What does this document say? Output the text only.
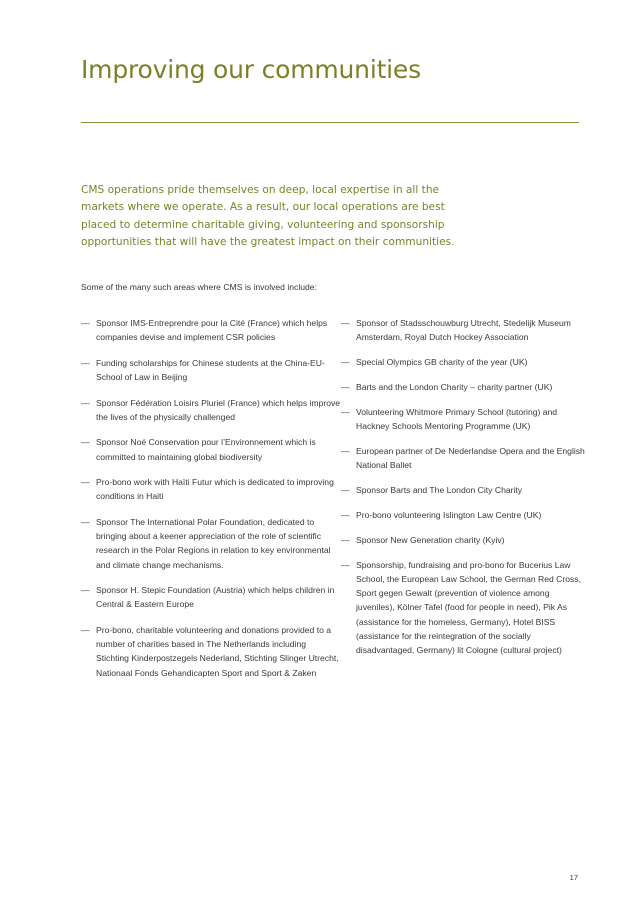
Improving our communities

CMS operations pride themselves on deep, local expertise in all the markets where we operate. As a result, our local operations are best placed to determine charitable giving, volunteering and sponsorship opportunities that will have the greatest impact on their communities.

Some of the many such areas where CMS is involved include:

— Sponsor IMS-Entreprendre pour la Cité (France) which helps companies devise and implement CSR policies
— Funding scholarships for Chinese students at the China-EU-School of Law in Beijing
— Sponsor Fédération Loisirs Pluriel (France) which helps improve the lives of the physically challenged
— Sponsor Noé Conservation pour l’Environnement which is committed to maintaining global biodiversity
— Pro-bono work with Haïti Futur which is dedicated to improving conditions in Haiti
— Sponsor The International Polar Foundation, dedicated to bringing about a keener appreciation of the role of scientific research in the Polar Regions in relation to key environmental and climate change mechanisms.
— Sponsor H. Stepic Foundation (Austria) which helps children in Central & Eastern Europe
— Pro-bono, charitable volunteering and donations provided to a number of charities based in The Netherlands including Stichting Kinderpostzegels Nederland, Stichting Slinger Utrecht, Nationaal Fonds Gehandicapten Sport and Sport & Zaken
— Sponsor of Stadsschouwburg Utrecht, Stedelijk Museum Amsterdam, Royal Dutch Hockey Association
— Special Olympics GB charity of the year (UK)
— Barts and the London Charity – charity partner (UK)
— Volunteering Whitmore Primary School (tutoring) and Hackney Schools Mentoring Programme (UK)
— European partner of De Nederlandse Opera and the English National Ballet
— Sponsor Barts and The London City Charity
— Pro-bono volunteering Islington Law Centre (UK)
— Sponsor New Generation charity (Kyiv)
— Sponsorship, fundraising and pro-bono for Bucerius Law School, the European Law School, the German Red Cross, Sport gegen Gewalt (prevention of violence among juveniles), Kölner Tafel (food for people in need), Pik As (assistance for the homeless, Germany), Hotel BISS (assistance for the reintegration of the socially disadvantaged, Germany) lit Cologne (cultural project)
17
